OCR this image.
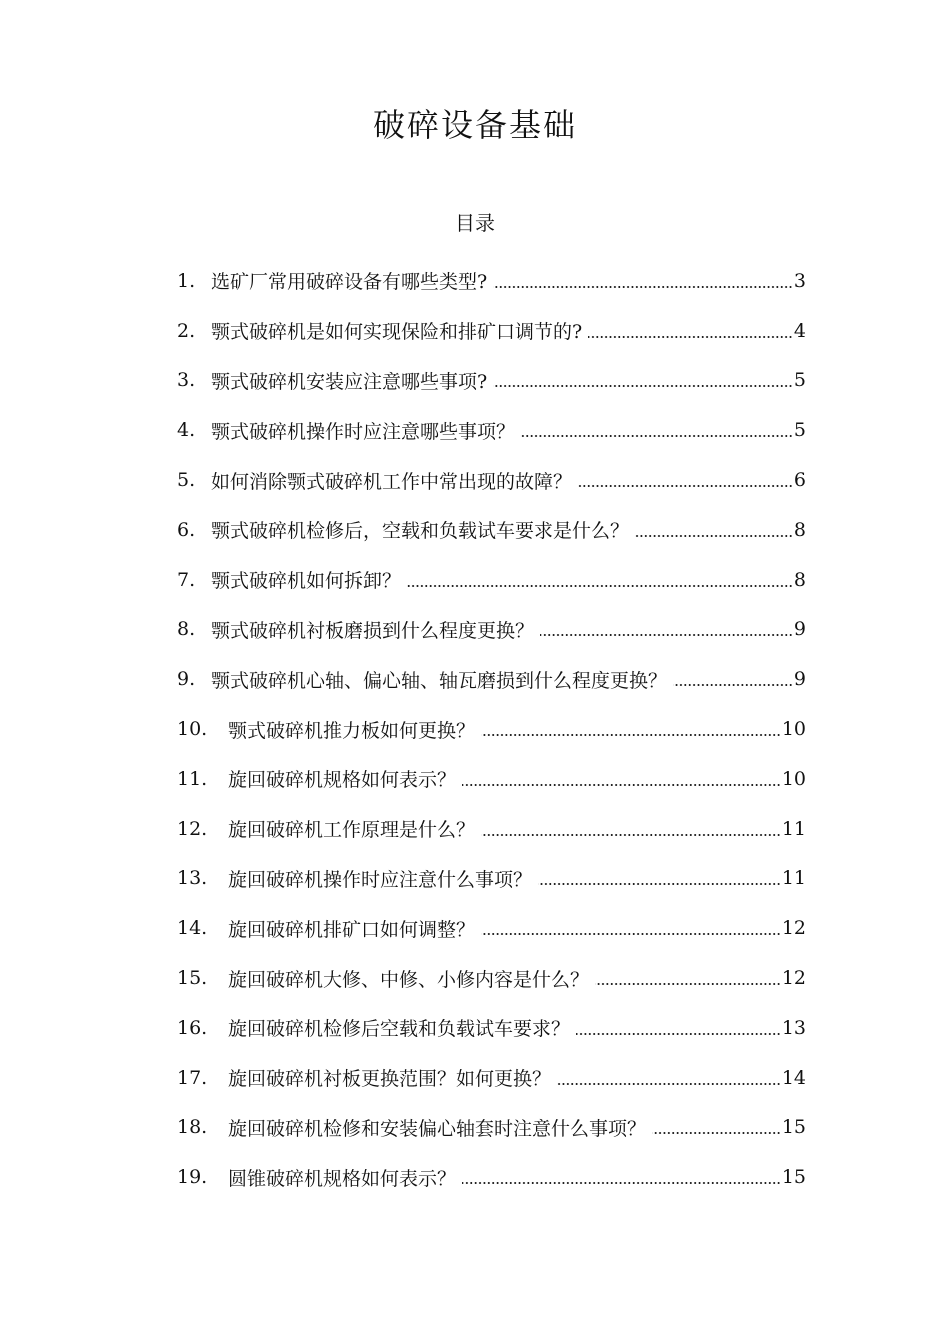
破碎设备基础
目录
1. 选矿厂常用破碎设备有哪些类型?	3
2. 颚式破碎机是如何实现保险和排矿口调节的?	4
3. 颚式破碎机安装应注意哪些事项?	5
4. 颚式破碎机操作时应注意哪些事项？	5
5. 如何消除颚式破碎机工作中常出现的故障？	6
6. 颚式破碎机检修后，空载和负载试车要求是什么？	8
7. 颚式破碎机如何拆卸？	8
8. 颚式破碎机衬板磨损到什么程度更换？	9
9. 颚式破碎机心轴、偏心轴、轴瓦磨损到什么程度更换？	9
10.	颚式破碎机推力板如何更换？	10
11.	旋回破碎机规格如何表示？	10
12.	旋回破碎机工作原理是什么？	11
13.	旋回破碎机操作时应注意什么事项？	11
14.	旋回破碎机排矿口如何调整？	12
15.	旋回破碎机大修、中修、小修内容是什么？	12
16.	旋回破碎机检修后空载和负载试车要求？	13
17.	旋回破碎机衬板更换范围？如何更换？	14
18.	旋回破碎机检修和安装偏心轴套时注意什么事项？	15
19.	圆锥破碎机规格如何表示？	15
